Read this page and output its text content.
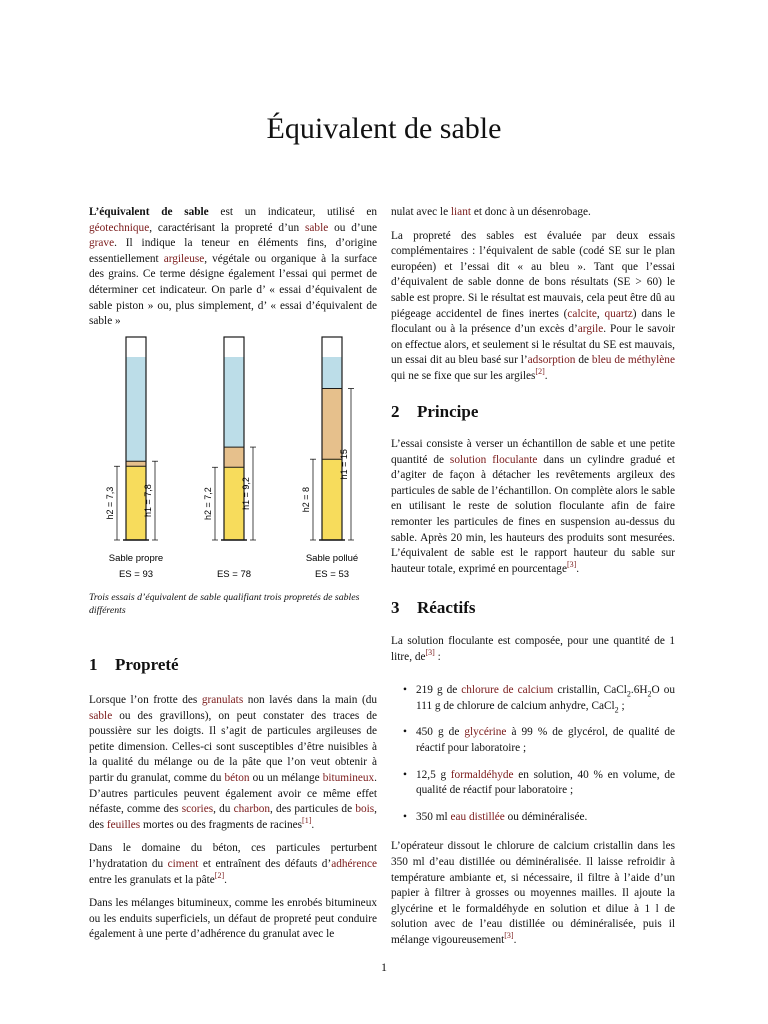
Équivalent de sable

L’équivalent de sable est un indicateur, utilisé en géotechnique, caractérisant la propreté d’un sable ou d’une grave. Il indique la teneur en éléments fins, d’origine essentiellement argileuse, végétale ou organique à la surface des grains. Ce terme désigne également l’essai qui permet de déterminer cet indicateur. On parle d’ « essai d’équivalent de sable piston » ou, plus simplement, d’ « essai d’équivalent de sable »

h2 = 7,3	h1 = 7,8
Sable propre
ES = 93
h2 = 7,2	h1 = 9,2
ES = 78
h2 = 8
h1 = 15
Sable pollué
ES = 53
Trois essais d’équivalent de sable qualifiant trois propretés de sables différents
1 Propreté

Lorsque l’on frotte des granulats non lavés dans la main (du sable ou des gravillons), on peut constater des traces de poussière sur les doigts. Il s’agit de particules argileuses de petite dimension. Celles-ci sont susceptibles d’être nuisibles à la qualité du mélange ou de la pâte que l’on veut obtenir à partir du granulat, comme du béton ou un mélange bitumineux. D’autres particules peuvent également avoir ce même effet néfaste, comme des scories, du charbon, des particules de bois, des feuilles mortes ou des fragments de racines[1].

Dans le domaine du béton, ces particules perturbent l’hydratation du ciment et entraînent des défauts d’adhérence entre les granulats et la pâte[2].

Dans les mélanges bitumineux, comme les enrobés bitumineux ou les enduits superficiels, un défaut de propreté peut conduire également à une perte d’adhérence du granulat avec le

nulat avec le liant et donc à un désenrobage.

La propreté des sables est évaluée par deux essais complémentaires : l’équivalent de sable (codé SE sur le plan européen) et l’essai dit « au bleu ». Tant que l’essai d’équivalent de sable donne de bons résultats (SE > 60) le sable est propre. Si le résultat est mauvais, cela peut être dû au piégeage accidentel de fines inertes (calcite, quartz) dans le floculant ou à la présence d’un excès d’argile. Pour le savoir on effectue alors, et seulement si le résultat du SE est mauvais, un essai dit au bleu basé sur l’adsorption de bleu de méthylène qui ne se fixe que sur les argiles[2].

2 Principe

L’essai consiste à verser un échantillon de sable et une petite quantité de solution floculante dans un cylindre gradué et d’agiter de façon à détacher les revêtements argileux des particules de sable de l’échantillon. On complète alors le sable en utilisant le reste de solution floculante afin de faire remonter les particules de fines en suspension au-dessus du sable. Après 20 min, les hauteurs des produits sont mesurées. L’équivalent de sable est le rapport hauteur du sable sur hauteur totale, exprimé en pourcentage[3].

3 Réactifs

La solution floculante est composée, pour une quantité de 1 litre, de[3] :

• 219 g de chlorure de calcium cristallin, $CaCl_2.6H_2O$ ou 111 g de chlorure de calcium anhydre, CaCl$_2$ ;
• 450 g de glycérine à 99 % de glycérol, de qualité de réactif pour laboratoire ;
• 12,5 g formaldéhyde en solution, 40 % en volume, de qualité de réactif pour laboratoire ;
• 350 ml eau distillée ou déminéralisée.

L’opérateur dissout le chlorure de calcium cristallin dans les 350 ml d’eau distillée ou déminéralisée. Il laisse refroidir à température ambiante et, si nécessaire, il filtre à l’aide d’un papier à filtrer à grosses ou moyennes mailles. Il ajoute la glycérine et le formaldéhyde en solution et dilue à 1 l de solution avec de l’eau distillée ou déminéralisée, puis il mélange vigoureusement[3].

1
